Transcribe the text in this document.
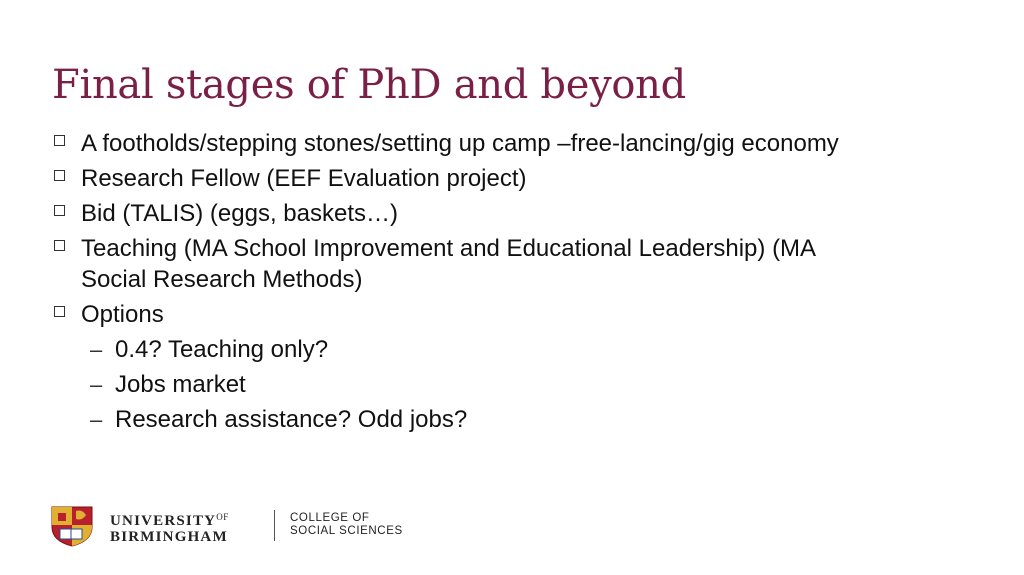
Final stages of PhD and beyond
A footholds/stepping stones/setting up camp –free-lancing/gig economy
Research Fellow (EEF Evaluation project)
Bid (TALIS) (eggs, baskets…)
Teaching (MA School Improvement and Educational Leadership) (MA Social Research Methods)
Options
– 0.4? Teaching only?
– Jobs market
– Research assistance? Odd jobs?
$UNIVERSITY^{OF}$
BIRMINGHAM
COLLEGE OF
SOCIAL SCIENCES
